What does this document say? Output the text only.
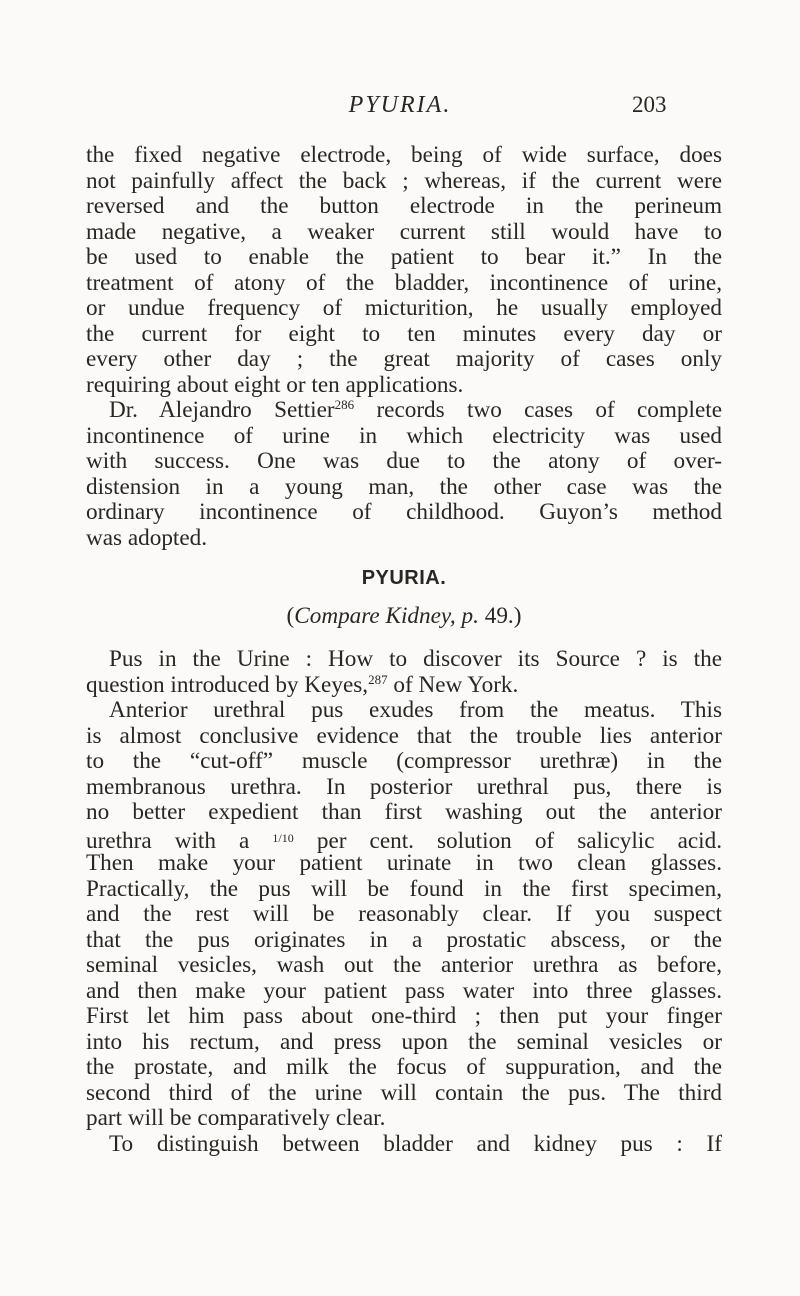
PYURIA.	203
the fixed negative electrode, being of wide surface, does
not painfully affect the back ; whereas, if the current were
reversed and the button electrode in the perineum
made negative, a weaker current still would have to
be used to enable the patient to bear it.” In the
treatment of atony of the bladder, incontinence of urine,
or undue frequency of micturition, he usually employed
the current for eight to ten minutes every day or
every other day ; the great majority of cases only
requiring about eight or ten applications.
Dr. Alejandro Settier$^{286}$ records two cases of complete
incontinence of urine in which electricity was used
with success. One was due to the atony of over-
distension in a young man, the other case was the
ordinary incontinence of childhood. Guyon’s method
was adopted.
PYURIA.
(Compare Kidney, p. 49.)
Pus in the Urine : How to discover its Source ? is the
question introduced by Keyes,$^{287}$ of New York.
Anterior urethral pus exudes from the meatus. This
is almost conclusive evidence that the trouble lies anterior
to the “cut-off” muscle (compressor urethræ) in the
membranous urethra. In posterior urethral pus, there is
no better expedient than first washing out the anterior
urethra with a $^{1/10}$ per cent. solution of salicylic acid.
Then make your patient urinate in two clean glasses.
Practically, the pus will be found in the first specimen,
and the rest will be reasonably clear. If you suspect
that the pus originates in a prostatic abscess, or the
seminal vesicles, wash out the anterior urethra as before,
and then make your patient pass water into three glasses.
First let him pass about one-third ; then put your finger
into his rectum, and press upon the seminal vesicles or
the prostate, and milk the focus of suppuration, and the
second third of the urine will contain the pus. The third
part will be comparatively clear.
To distinguish between bladder and kidney pus : If
